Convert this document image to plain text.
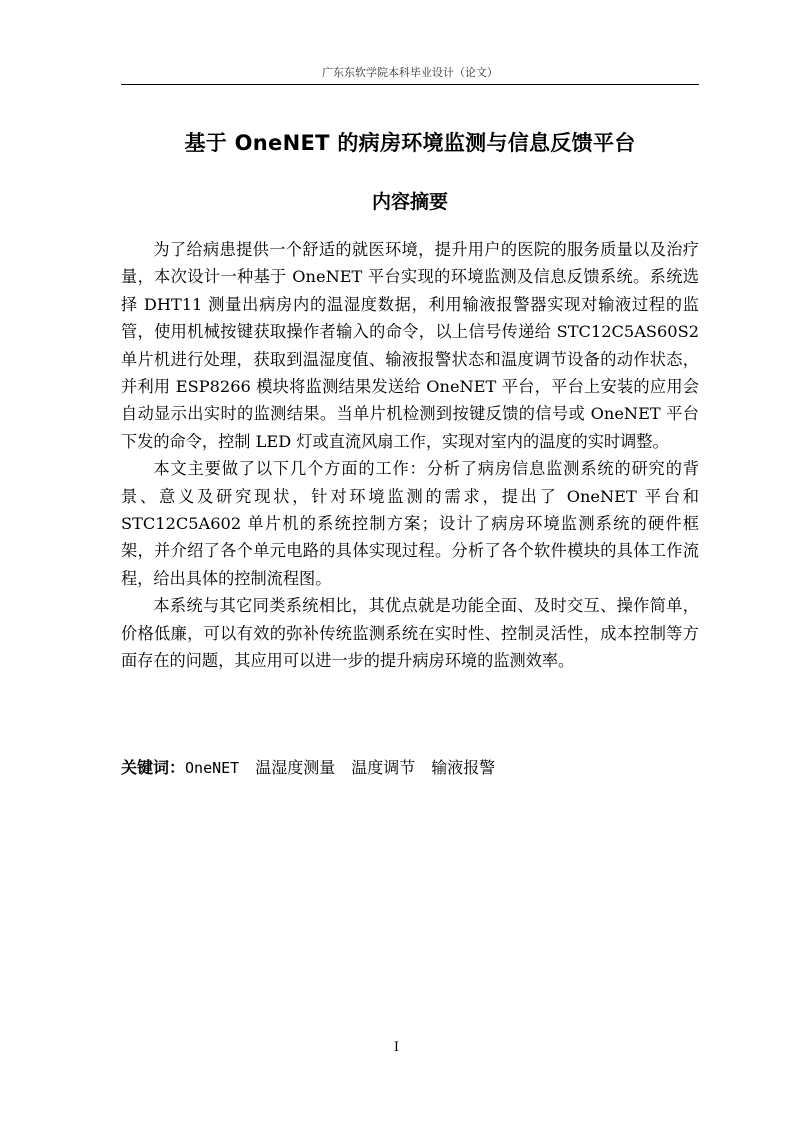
广东东软学院本科毕业设计（论文）
基于 OneNET 的病房环境监测与信息反馈平台
内容摘要

为了给病患提供一个舒适的就医环境，提升用户的医院的服务质量以及治疗量，本次设计一种基于 OneNET 平台实现的环境监测及信息反馈系统。系统选择 DHT11 测量出病房内的温湿度数据，利用输液报警器实现对输液过程的监管，使用机械按键获取操作者输入的命令，以上信号传递给 STC12C5AS60S2 单片机进行处理，获取到温湿度值、输液报警状态和温度调节设备的动作状态，并利用 ESP8266 模块将监测结果发送给 OneNET 平台，平台上安装的应用会自动显示出实时的监测结果。当单片机检测到按键反馈的信号或 OneNET 平台下发的命令，控制 LED 灯或直流风扇工作，实现对室内的温度的实时调整。

本文主要做了以下几个方面的工作：分析了病房信息监测系统的研究的背景、意义及研究现状，针对环境监测的需求，提出了 OneNET 平台和 STC12C5A602 单片机的系统控制方案；设计了病房环境监测系统的硬件框架，并介绍了各个单元电路的具体实现过程。分析了各个软件模块的具体工作流程，给出具体的控制流程图。

本系统与其它同类系统相比，其优点就是功能全面、及时交互、操作简单，价格低廉，可以有效的弥补传统监测系统在实时性、控制灵活性，成本控制等方面存在的问题，其应用可以进一步的提升病房环境的监测效率。

关键词：OneNET 温湿度测量 温度调节 输液报警
I
